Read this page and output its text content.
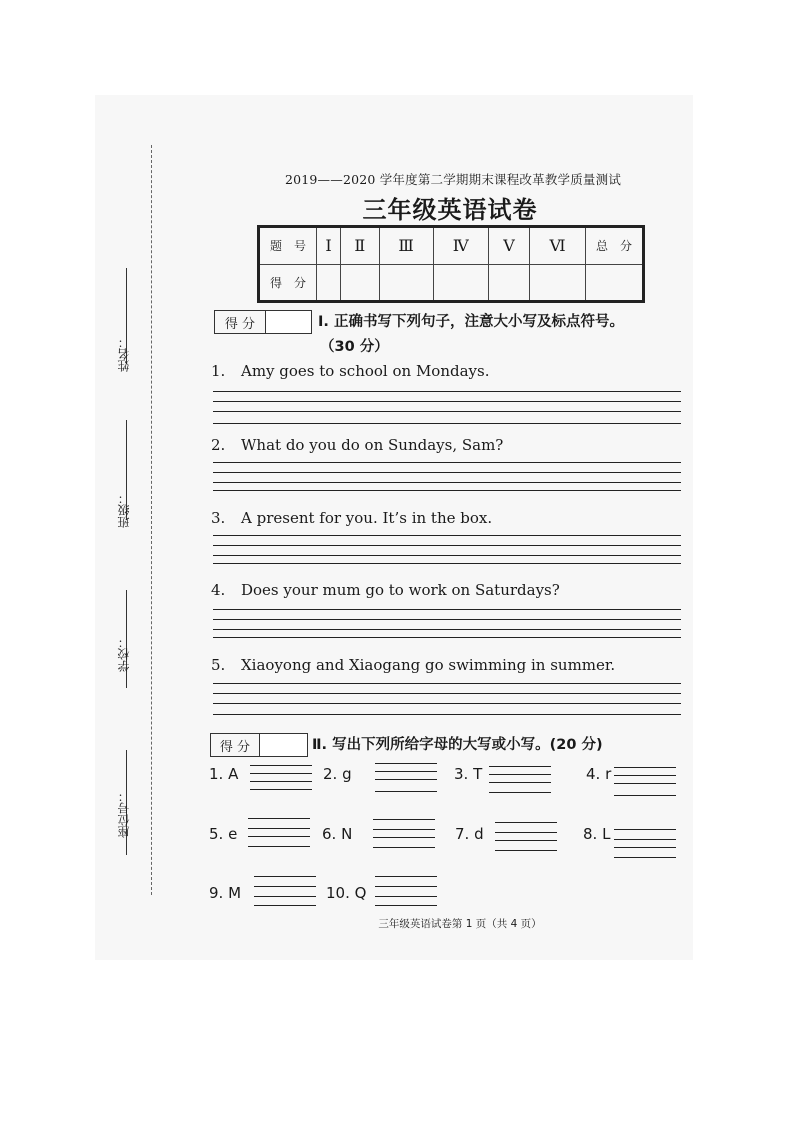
姓名：
班级：
学校：
座位号：
2019——2020 学年度第二学期期末课程改革教学质量测试
三年级英语试卷
题　号	Ⅰ	Ⅱ	Ⅲ	Ⅳ	Ⅴ	Ⅵ	总　分
得　分							
得 分	Ⅰ. 正确书写下列句子，注意大小写及标点符号。
（30 分）
1. Amy goes to school on Mondays.
2. What do you do on Sundays, Sam?
3. A present for you. It’s in the box.
4. Does your mum go to work on Saturdays?
5. Xiaoyong and Xiaogang go swimming in summer.
得 分	Ⅱ. 写出下列所给字母的大写或小写。(20 分)
1. A	2. g	3. T	4. r
5. e	6. N	7. d	8. L
9. M	10. Q
三年级英语试卷第 1 页（共 4 页）
